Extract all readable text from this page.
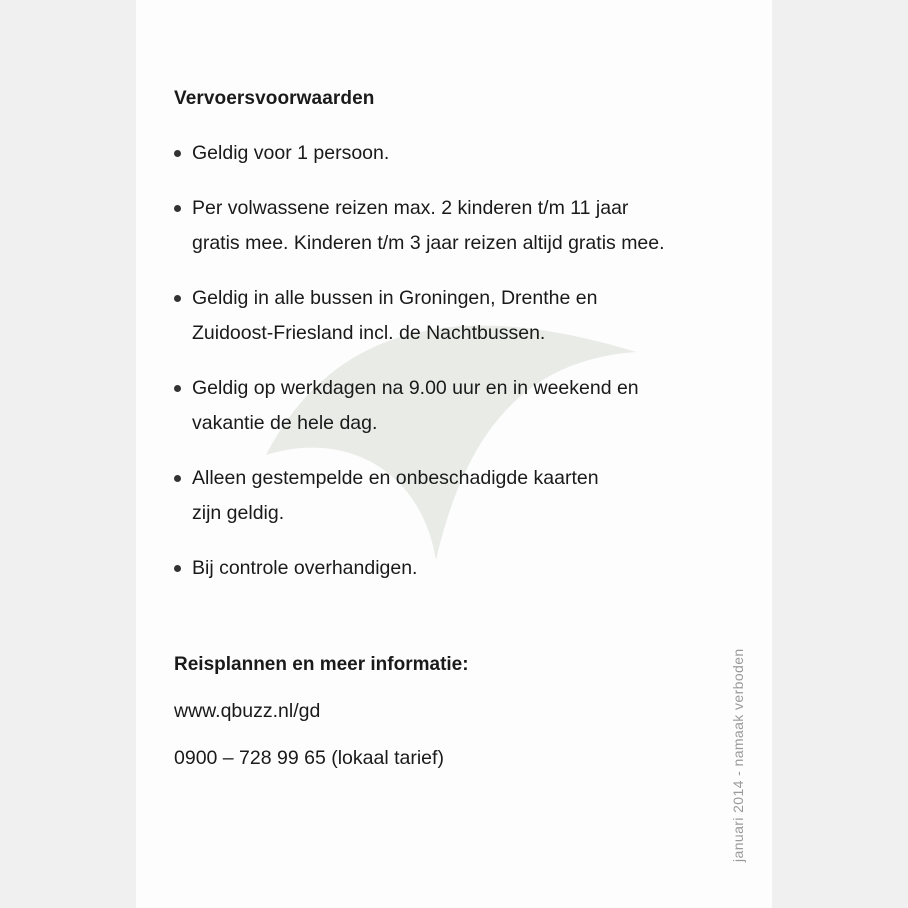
Vervoersvoorwaarden
Geldig voor 1 persoon.
Per volwassene reizen max. 2 kinderen t/m 11 jaar
gratis mee. Kinderen t/m 3 jaar reizen altijd gratis mee.
Geldig in alle bussen in Groningen, Drenthe en
Zuidoost-Friesland incl. de Nachtbussen.
Geldig op werkdagen na 9.00 uur en in weekend en
vakantie de hele dag.
Alleen gestempelde en onbeschadigde kaarten
zijn geldig.
Bij controle overhandigen.
Reisplannen en meer informatie:

www.qbuzz.nl/gd

0900 – 728 99 65 (lokaal tarief)	januari 2014 - namaak verboden
